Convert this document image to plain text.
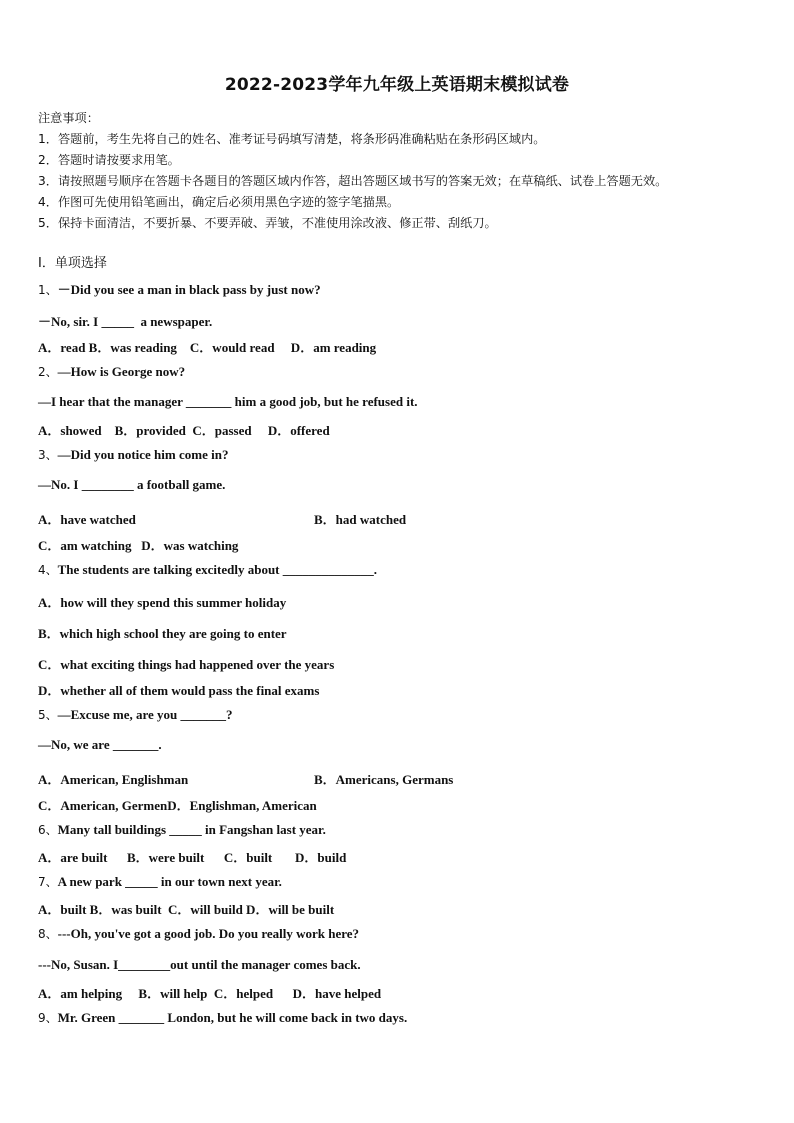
2022-2023学年九年级上英语期末模拟试卷
注意事项：
1．答题前，考生先将自己的姓名、准考证号码填写清楚，将条形码准确粘贴在条形码区域内。
2．答题时请按要求用笔。
3．请按照题号顺序在答题卡各题目的答题区域内作答，超出答题区域书写的答案无效；在草稿纸、试卷上答题无效。
4．作图可先使用铅笔画出，确定后必须用黑色字迹的签字笔描黑。
5．保持卡面清洁，不要折暴、不要弄破、弄皱，不准使用涂改液、修正带、刮纸刀。
Ⅰ．单项选择
1、－Did you see a man in black pass by just now?
－No, sir. I _____  a newspaper.
A．read B．was reading    C．would read     D．am reading
2、—How is George now?
—I hear that the manager _______ him a good job, but he refused it.
A．showed    B．provided  C．passed     D．offered
3、—Did you notice him come in?
—No. I ________ a football game.
A．have watched	B．had watched
C．am watching   D．was watching
4、The students are talking excitedly about ______________.
A．how will they spend this summer holiday
B．which high school they are going to enter
C．what exciting things had happened over the years
D．whether all of them would pass the final exams
5、—Excuse me, are you _______?
—No, we are _______.
A．American, Englishman	B．Americans, Germans
C．American, GermenD．Englishman, American
6、Many tall buildings _____ in Fangshan last year.
A．are built      B．were built      C．built       D．build
7、A new park _____ in our town next year.
A．built B．was built  C．will build D．will be built
8、---Oh, you've got a good job. Do you really work here?
---No, Susan. I________out until the manager comes back.
A．am helping     B．will help  C．helped      D．have helped
9、Mr. Green _______ London, but he will come back in two days.
